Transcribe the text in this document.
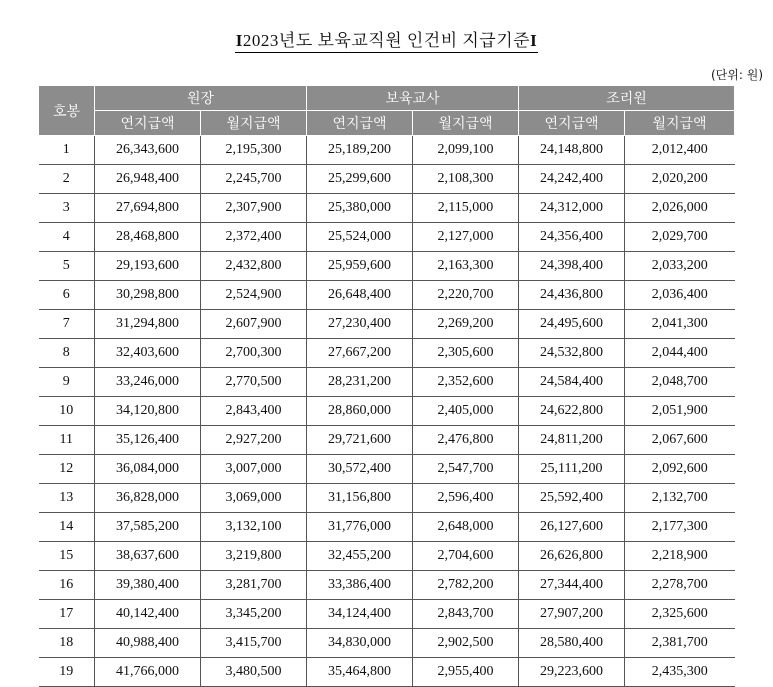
I2023년도 보육교직원 인건비 지급기준I
(단위: 원)
호봉	원장		보육교사		조리원	
	연지급액	월지급액	연지급액	월지급액	연지급액	월지급액
1	26,343,600	2,195,300	25,189,200	2,099,100	24,148,800	2,012,400
2	26,948,400	2,245,700	25,299,600	2,108,300	24,242,400	2,020,200
3	27,694,800	2,307,900	25,380,000	2,115,000	24,312,000	2,026,000
4	28,468,800	2,372,400	25,524,000	2,127,000	24,356,400	2,029,700
5	29,193,600	2,432,800	25,959,600	2,163,300	24,398,400	2,033,200
6	30,298,800	2,524,900	26,648,400	2,220,700	24,436,800	2,036,400
7	31,294,800	2,607,900	27,230,400	2,269,200	24,495,600	2,041,300
8	32,403,600	2,700,300	27,667,200	2,305,600	24,532,800	2,044,400
9	33,246,000	2,770,500	28,231,200	2,352,600	24,584,400	2,048,700
10	34,120,800	2,843,400	28,860,000	2,405,000	24,622,800	2,051,900
11	35,126,400	2,927,200	29,721,600	2,476,800	24,811,200	2,067,600
12	36,084,000	3,007,000	30,572,400	2,547,700	25,111,200	2,092,600
13	36,828,000	3,069,000	31,156,800	2,596,400	25,592,400	2,132,700
14	37,585,200	3,132,100	31,776,000	2,648,000	26,127,600	2,177,300
15	38,637,600	3,219,800	32,455,200	2,704,600	26,626,800	2,218,900
16	39,380,400	3,281,700	33,386,400	2,782,200	27,344,400	2,278,700
17	40,142,400	3,345,200	34,124,400	2,843,700	27,907,200	2,325,600
18	40,988,400	3,415,700	34,830,000	2,902,500	28,580,400	2,381,700
19	41,766,000	3,480,500	35,464,800	2,955,400	29,223,600	2,435,300
